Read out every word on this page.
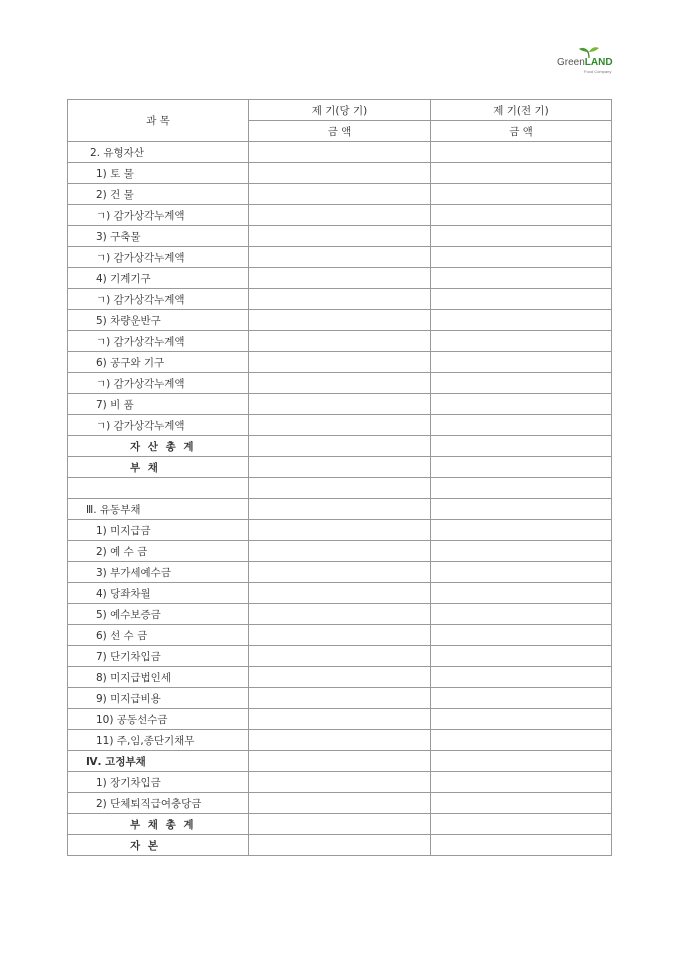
GreenLAND
Food Company
과 목	제 기(당 기)	제 기(전 기)
	금 액	금 액
2. 유형자산		
1) 토 물		
2) 건 물		
ㄱ) 감가상각누계액		
3) 구축물		
ㄱ) 감가상각누계액		
4) 기계기구		
ㄱ) 감가상각누계액		
5) 차량운반구		
ㄱ) 감가상각누계액		
6) 공구와 기구		
ㄱ) 감가상각누계액		
7) 비 품		
ㄱ) 감가상각누계액		
자 산 총 계		
부 채		

Ⅲ. 유동부채		
1) 미지급금		
2) 예 수 금		
3) 부가세예수금		
4) 당좌차월		
5) 예수보증금		
6) 선 수 금		
7) 단기차입금		
8) 미지급법인세		
9) 미지급비용		
10) 공동선수금		
11) 주,임,종단기채무		
Ⅳ. 고정부채		
1) 장기차입금		
2) 단체퇴직급여충당금		
부 채 총 계		
자 본		
